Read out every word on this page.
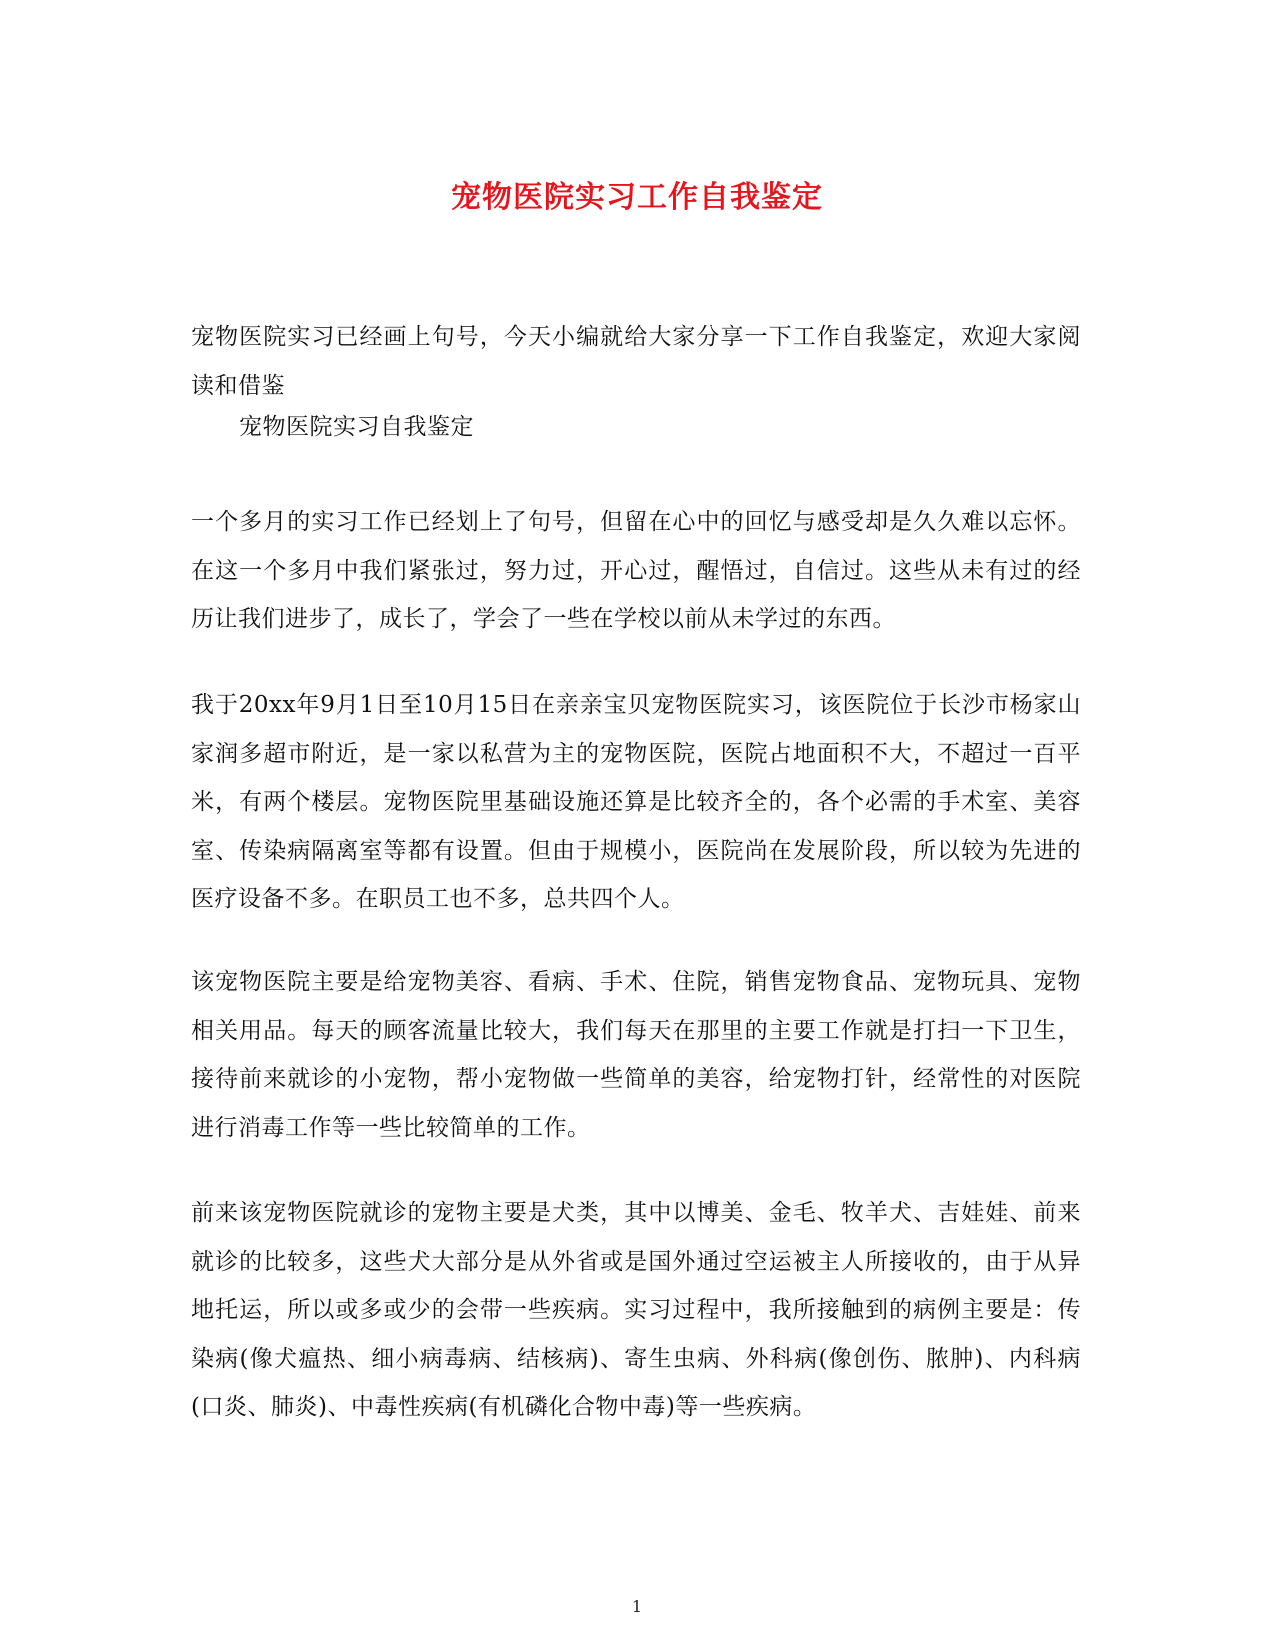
宠物医院实习工作自我鉴定

宠物医院实习已经画上句号，今天小编就给大家分享一下工作自我鉴定，欢迎大家阅读和借鉴

宠物医院实习自我鉴定

一个多月的实习工作已经划上了句号，但留在心中的回忆与感受却是久久难以忘怀。在这一个多月中我们紧张过，努力过，开心过，醒悟过，自信过。这些从未有过的经历让我们进步了，成长了，学会了一些在学校以前从未学过的东西。

我于20xx年9月1日至10月15日在亲亲宝贝宠物医院实习，该医院位于长沙市杨家山家润多超市附近，是一家以私营为主的宠物医院，医院占地面积不大，不超过一百平米，有两个楼层。宠物医院里基础设施还算是比较齐全的，各个必需的手术室、美容室、传染病隔离室等都有设置。但由于规模小，医院尚在发展阶段，所以较为先进的医疗设备不多。在职员工也不多，总共四个人。

该宠物医院主要是给宠物美容、看病、手术、住院，销售宠物食品、宠物玩具、宠物相关用品。每天的顾客流量比较大，我们每天在那里的主要工作就是打扫一下卫生，接待前来就诊的小宠物，帮小宠物做一些简单的美容，给宠物打针，经常性的对医院进行消毒工作等一些比较简单的工作。

前来该宠物医院就诊的宠物主要是犬类，其中以博美、金毛、牧羊犬、吉娃娃、前来就诊的比较多，这些犬大部分是从外省或是国外通过空运被主人所接收的，由于从异地托运，所以或多或少的会带一些疾病。实习过程中，我所接触到的病例主要是：传染病(像犬瘟热、细小病毒病、结核病)、寄生虫病、外科病(像创伤、脓肿)、内科病(口炎、肺炎)、中毒性疾病(有机磷化合物中毒)等一些疾病。

1
